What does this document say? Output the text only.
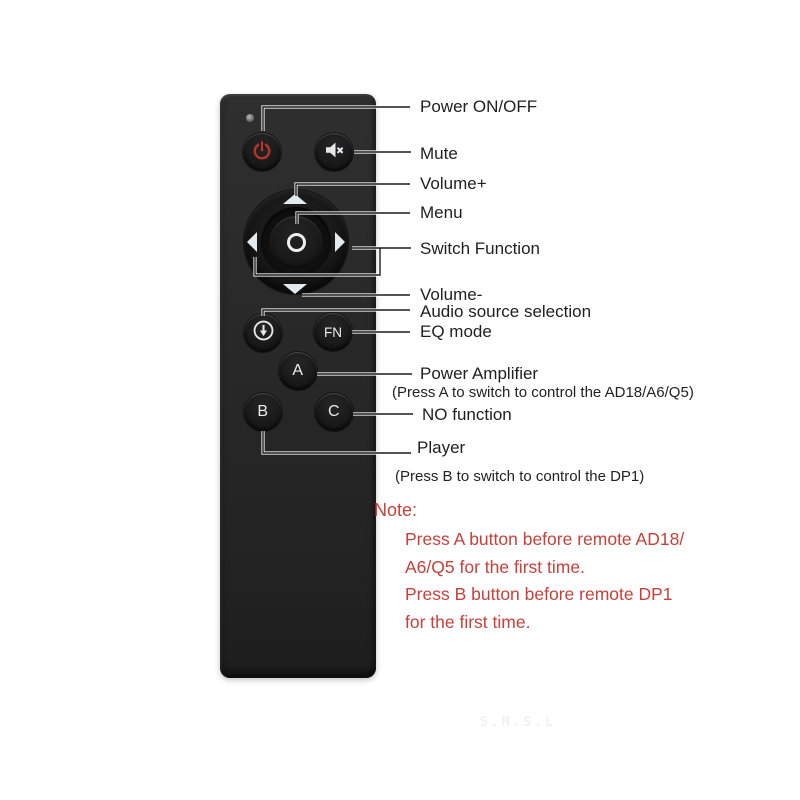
S.M.S.L
FN
A
B	C
Power ON/OFF
Mute
Volume+
Menu
Switch Function
Volume-
Audio source selection
EQ mode
Power Amplifier
(Press A to switch to control the AD18/A6/Q5)
NO function
Player
(Press B to switch to control the DP1)
Note:
Press A button before remote AD18/
A6/Q5 for the first time.
Press B button before remote DP1
for the first time.
